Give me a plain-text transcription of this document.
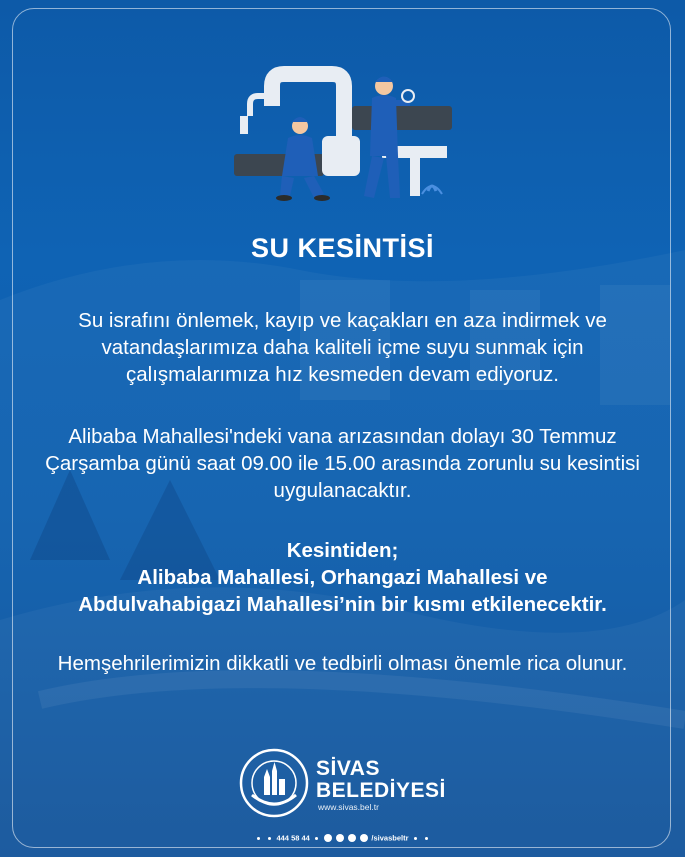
SU KESİNTİSİ
Su israfını önlemek, kayıp ve kaçakları en aza indirmek ve vatandaşlarımıza daha kaliteli içme suyu sunmak için çalışmalarımıza hız kesmeden devam ediyoruz.
Alibaba Mahallesi'ndeki vana arızasından dolayı 30 Temmuz Çarşamba günü saat 09.00 ile 15.00 arasında zorunlu su kesintisi uygulanacaktır.
Kesintiden;
Alibaba Mahallesi, Orhangazi Mahallesi ve
Abdulvahabigazi Mahallesi’nin bir kısmı etkilenecektir.
Hemşehrilerimizin dikkatli ve tedbirli olması önemle rica olunur.
SİVAS
BELEDİYESİ
www.sivas.bel.tr
444 58 44	/sivasbeltr
